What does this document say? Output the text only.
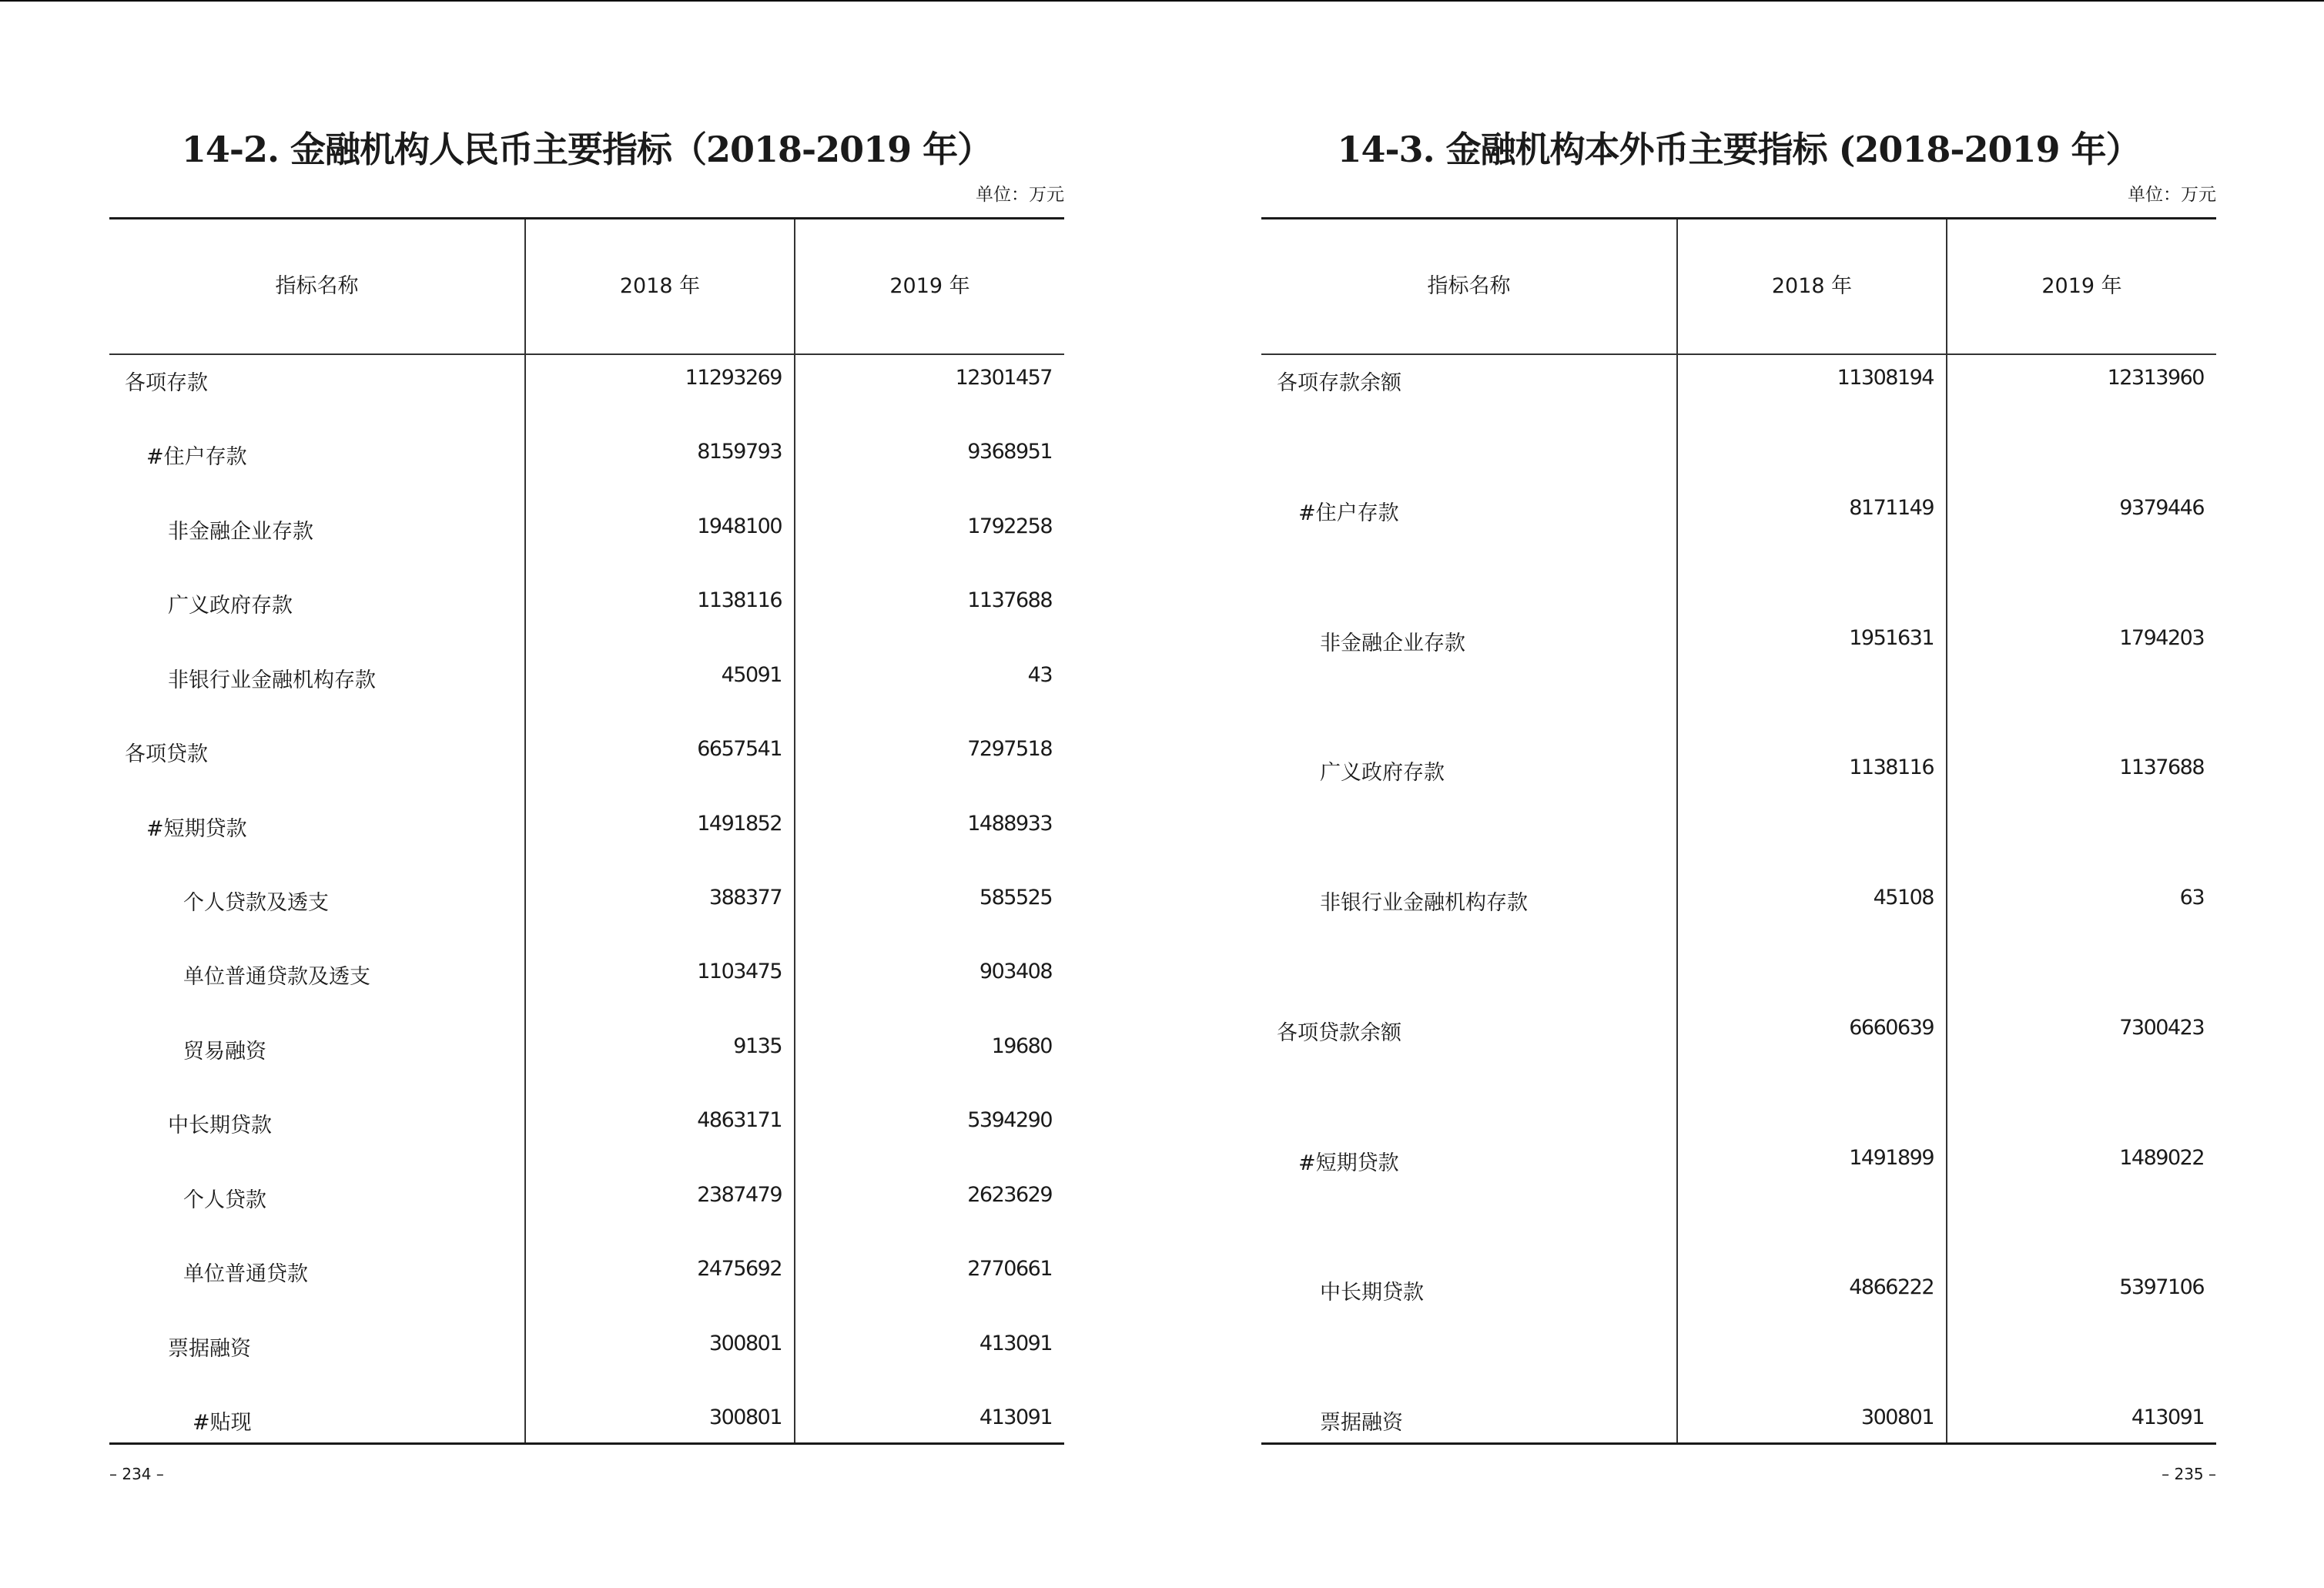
14-2. 金融机构人民币主要指标（2018-2019 年）
单位：万元
指标名称	2018 年	2019 年
各项存款	11293269	12301457
#住户存款	8159793	9368951
非金融企业存款	1948100	1792258
广义政府存款	1138116	1137688
非银行业金融机构存款	45091	43
各项贷款	6657541	7297518
#短期贷款	1491852	1488933
个人贷款及透支	388377	585525
单位普通贷款及透支	1103475	903408
贸易融资	9135	19680
中长期贷款	4863171	5394290
个人贷款	2387479	2623629
单位普通贷款	2475692	2770661
票据融资	300801	413091
#贴现	300801	413091
– 234 –
14-3. 金融机构本外币主要指标 (2018-2019 年）
单位：万元
指标名称	2018 年	2019 年
各项存款余额	11308194	12313960
#住户存款	8171149	9379446
非金融企业存款	1951631	1794203
广义政府存款	1138116	1137688
非银行业金融机构存款	45108	63
各项贷款余额	6660639	7300423
#短期贷款	1491899	1489022
中长期贷款	4866222	5397106
票据融资	300801	413091
– 235 –
